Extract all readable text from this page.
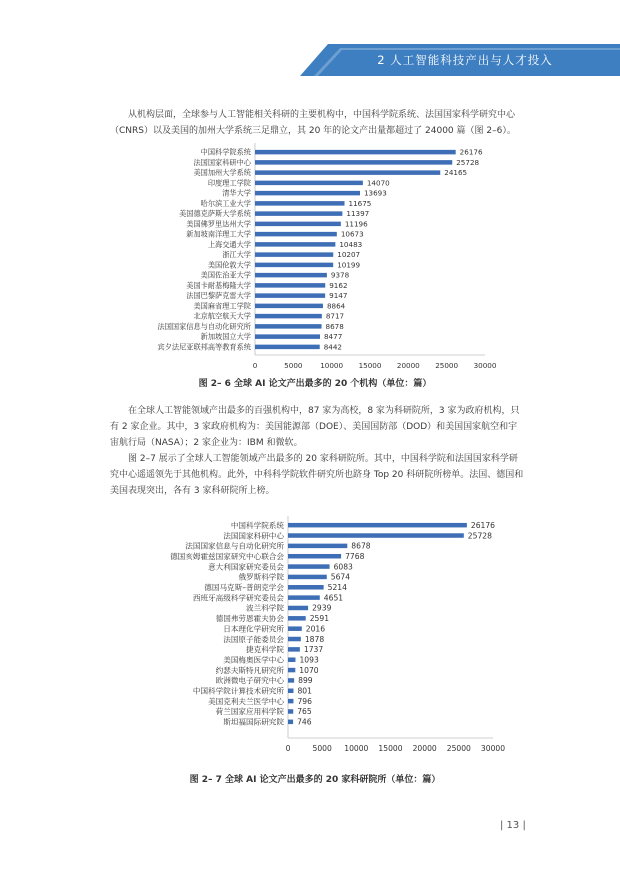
2 人工智能科技产出与人才投入
从机构层面，全球参与人工智能相关科研的主要机构中，中国科学院系统、法国国家科学研究中心
（CNRS）以及美国的加州大学系统三足鼎立，其 20 年的论文产出量都超过了 24000 篇（图 2–6）。
中国科学院系统	26176
法国国家科研中心	25728
美国加州大学系统	24165
印度理工学院	14070
清华大学	13693
哈尔滨工业大学	11675
美国德克萨斯大学系统	11397
美国佛罗里达州大学	11196
新加坡南洋理工大学	10673
上海交通大学	10483
浙江大学	10207
美国伦敦大学	10199
美国佐治亚大学	9378
美国卡耐基梅隆大学	9162
法国巴黎萨克雷大学	9147
美国麻省理工学院	8864
北京航空航天大学	8717
法国国家信息与自动化研究所	8678
新加坡国立大学	8477
宾夕法尼亚联邦高等教育系统	8442
0	5000 10000 15000 20000 25000 30000
图 2– 6 全球 AI 论文产出最多的 20 个机构（单位：篇）
在全球人工智能领域产出最多的百强机构中，87 家为高校，8 家为科研院所，3 家为政府机构，只
有 2 家企业。其中，3 家政府机构为：美国能源部（DOE）、美国国防部（DOD）和美国国家航空和宇
宙航行局（NASA）；2 家企业为：IBM 和微软。
图 2–7 展示了全球人工智能领域产出最多的 20 家科研院所。其中，中国科学院和法国国家科学研
究中心遥遥领先于其他机构。此外，中科科学院软件研究所也跻身 Top 20 科研院所榜单。法国、德国和
美国表现突出，各有 3 家科研院所上榜。
中国科学院系统	26176
法国国家科研中心	25728
法国国家信息与自动化研究所	8678
德国亥姆霍兹国家研究中心联合会	7768
意大利国家研究委员会	6083
俄罗斯科学院	5674
德国马克斯–普朗克学会	5214
西班牙高级科学研究委员会	4651
波兰科学院	2939
德国弗劳恩霍夫协会	2591
日本理化学研究所	2016
法国原子能委员会	1878
捷克科学院	1737
美国梅奥医学中心 1093
约瑟夫斯特凡研究所 1070
欧洲微电子研究中心 899
中国科学院计算技术研究所 801
美国克利夫兰医学中心 796
荷兰国家应用科学院 765
斯坦福国际研究院 746
0	5000 10000 15000 20000 25000 30000
图 2– 7 全球 AI 论文产出最多的 20 家科研院所（单位：篇）
| 13 |
